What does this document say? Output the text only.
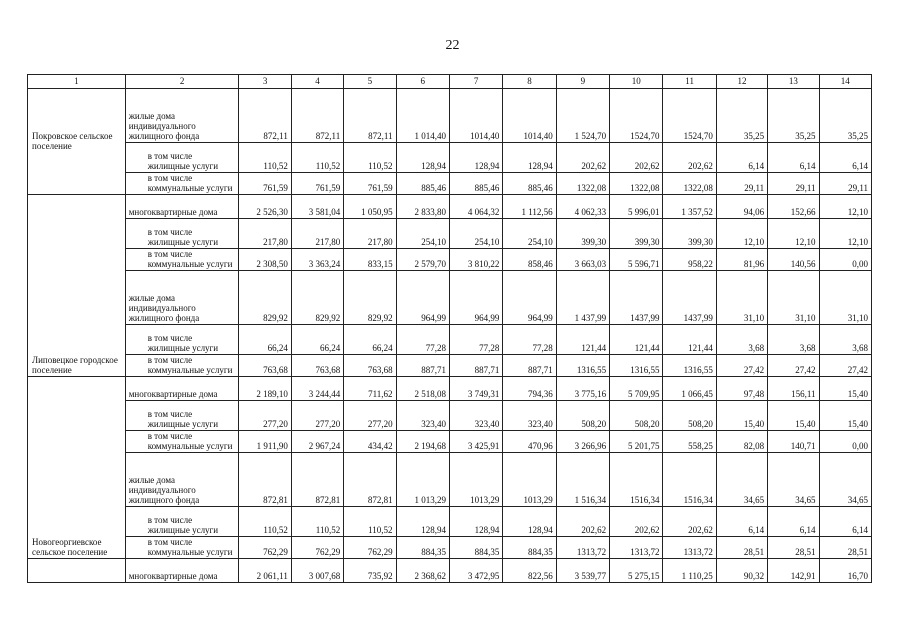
22
1	2	3	4	5	6	7	8	9	10	11	12	13	14
Покровское сельское поселение	жилые дома индивидуального жилищного фонда	872,11	872,11	872,11	1 014,40	1014,40	1014,40	1 524,70	1524,70	1524,70	35,25	35,25	35,25
	в том числе жилищные услуги	110,52	110,52	110,52	128,94	128,94	128,94	202,62	202,62	202,62	6,14	6,14	6,14
	в том числе коммунальные услуги	761,59	761,59	761,59	885,46	885,46	885,46	1322,08	1322,08	1322,08	29,11	29,11	29,11
Липовецкое городское поселение	многоквартирные дома	2 526,30	3 581,04	1 050,95	2 833,80	4 064,32	1 112,56	4 062,33	5 996,01	1 357,52	94,06	152,66	12,10
	в том числе жилищные услуги	217,80	217,80	217,80	254,10	254,10	254,10	399,30	399,30	399,30	12,10	12,10	12,10
	в том числе коммунальные услуги	2 308,50	3 363,24	833,15	2 579,70	3 810,22	858,46	3 663,03	5 596,71	958,22	81,96	140,56	0,00
	жилые дома индивидуального жилищного фонда	829,92	829,92	829,92	964,99	964,99	964,99	1 437,99	1437,99	1437,99	31,10	31,10	31,10
	в том числе жилищные услуги	66,24	66,24	66,24	77,28	77,28	77,28	121,44	121,44	121,44	3,68	3,68	3,68
	в том числе коммунальные услуги	763,68	763,68	763,68	887,71	887,71	887,71	1316,55	1316,55	1316,55	27,42	27,42	27,42
Новогеоргиевское сельское поселение	многоквартирные дома	2 189,10	3 244,44	711,62	2 518,08	3 749,31	794,36	3 775,16	5 709,95	1 066,45	97,48	156,11	15,40
	в том числе жилищные услуги	277,20	277,20	277,20	323,40	323,40	323,40	508,20	508,20	508,20	15,40	15,40	15,40
	в том числе коммунальные услуги	1 911,90	2 967,24	434,42	2 194,68	3 425,91	470,96	3 266,96	5 201,75	558,25	82,08	140,71	0,00
	жилые дома индивидуального жилищного фонда	872,81	872,81	872,81	1 013,29	1013,29	1013,29	1 516,34	1516,34	1516,34	34,65	34,65	34,65
	в том числе жилищные услуги	110,52	110,52	110,52	128,94	128,94	128,94	202,62	202,62	202,62	6,14	6,14	6,14
	в том числе коммунальные услуги	762,29	762,29	762,29	884,35	884,35	884,35	1313,72	1313,72	1313,72	28,51	28,51	28,51
	многоквартирные дома	2 061,11	3 007,68	735,92	2 368,62	3 472,95	822,56	3 539,77	5 275,15	1 110,25	90,32	142,91	16,70
